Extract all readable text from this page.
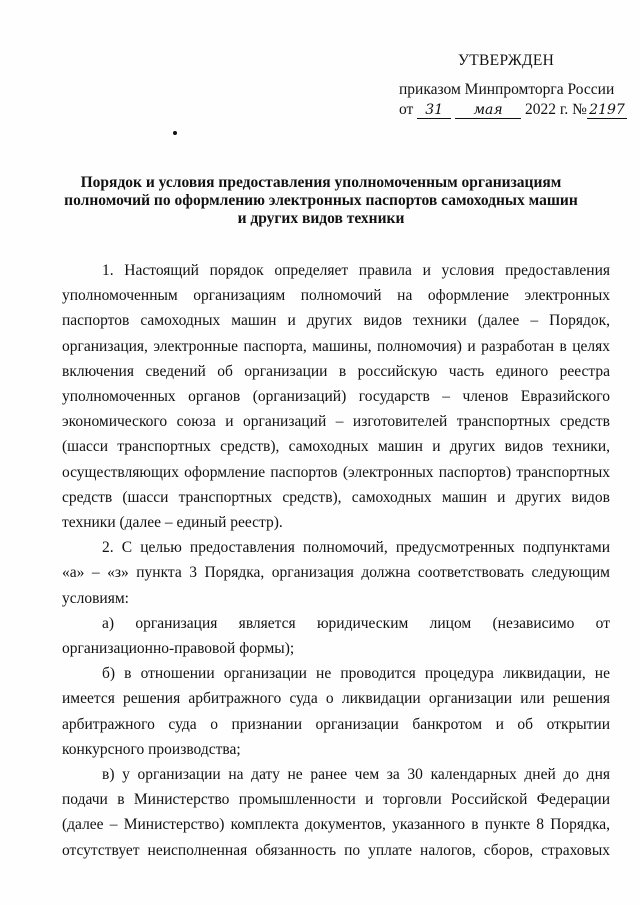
УТВЕРЖДЕН
приказом Минпромторга России
от 31 мая 2022 г. № 2197
Порядок и условия предоставления уполномоченным организациям
полномочий по оформлению электронных паспортов самоходных машин
и других видов техники

1. Настоящий порядок определяет правила и условия предоставления уполномоченным организациям полномочий на оформление электронных паспортов самоходных машин и других видов техники (далее – Порядок, организация, электронные паспорта, машины, полномочия) и разработан в целях включения сведений об организации в российскую часть единого реестра уполномоченных органов (организаций) государств – членов Евразийского экономического союза и организаций – изготовителей транспортных средств (шасси транспортных средств), самоходных машин и других видов техники, осуществляющих оформление паспортов (электронных паспортов) транспортных средств (шасси транспортных средств), самоходных машин и других видов техники (далее – единый реестр).

2. С целью предоставления полномочий, предусмотренных подпунктами «а» – «з» пункта 3 Порядка, организация должна соответствовать следующим условиям:

а) организация является юридическим лицом (независимо от организационно-правовой формы);

б) в отношении организации не проводится процедура ликвидации, не имеется решения арбитражного суда о ликвидации организации или решения арбитражного суда о признании организации банкротом и об открытии конкурсного производства;

в) у организации на дату не ранее чем за 30 календарных дней до дня подачи в Министерство промышленности и торговли Российской Федерации (далее – Министерство) комплекта документов, указанного в пункте 8 Порядка, отсутствует неисполненная обязанность по уплате налогов, сборов, страховых
